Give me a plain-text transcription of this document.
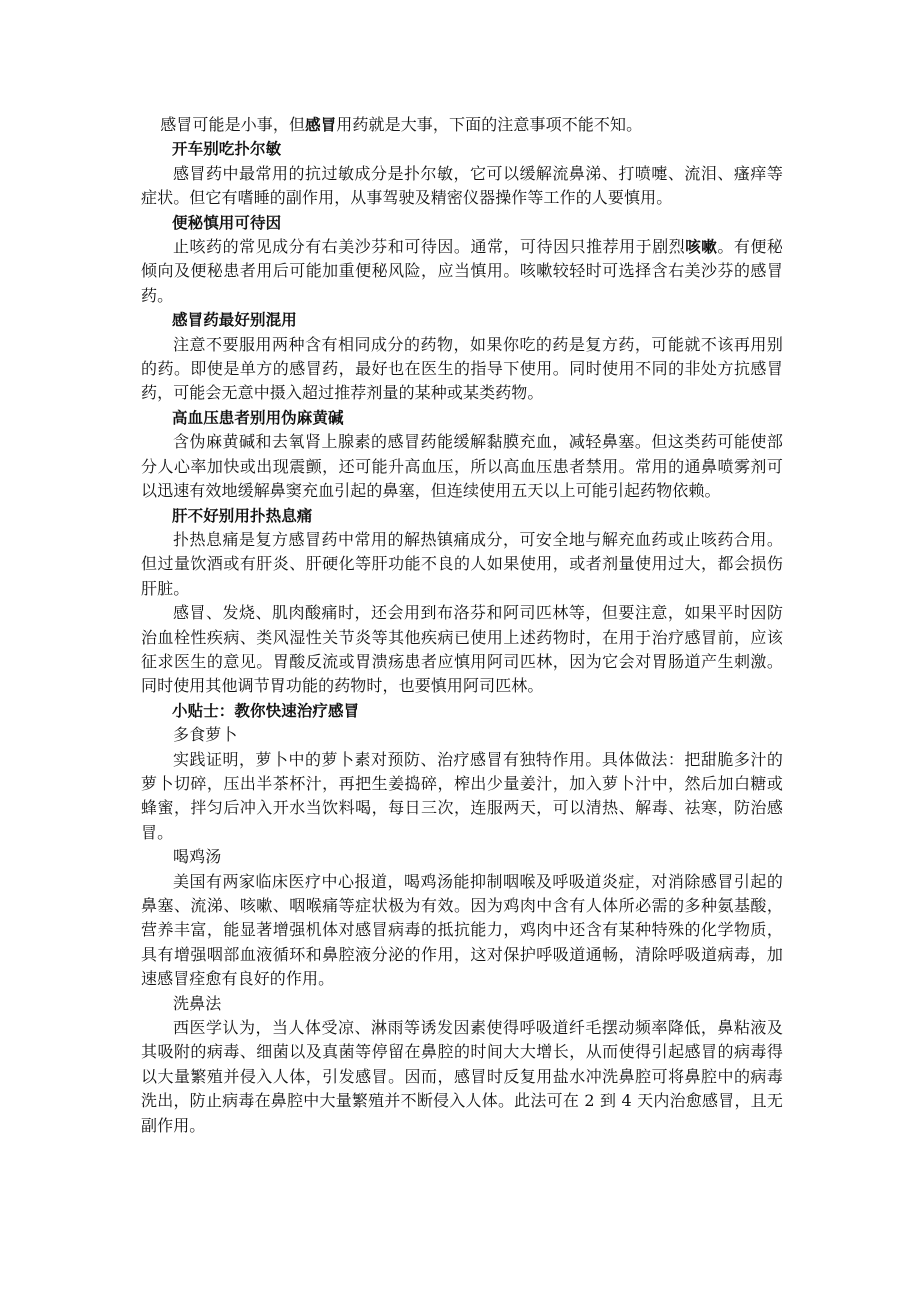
感冒可能是小事，但感冒用药就是大事，下面的注意事项不能不知。

开车别吃扑尔敏

感冒药中最常用的抗过敏成分是扑尔敏，它可以缓解流鼻涕、打喷嚏、流泪、瘙痒等症状。但它有嗜睡的副作用，从事驾驶及精密仪器操作等工作的人要慎用。

便秘慎用可待因

止咳药的常见成分有右美沙芬和可待因。通常，可待因只推荐用于剧烈咳嗽。有便秘倾向及便秘患者用后可能加重便秘风险，应当慎用。咳嗽较轻时可选择含右美沙芬的感冒药。

感冒药最好别混用

注意不要服用两种含有相同成分的药物，如果你吃的药是复方药，可能就不该再用别的药。即使是单方的感冒药，最好也在医生的指导下使用。同时使用不同的非处方抗感冒药，可能会无意中摄入超过推荐剂量的某种或某类药物。

高血压患者别用伪麻黄碱

含伪麻黄碱和去氧肾上腺素的感冒药能缓解黏膜充血，减轻鼻塞。但这类药可能使部分人心率加快或出现震颤，还可能升高血压，所以高血压患者禁用。常用的通鼻喷雾剂可以迅速有效地缓解鼻窦充血引起的鼻塞，但连续使用五天以上可能引起药物依赖。

肝不好别用扑热息痛

扑热息痛是复方感冒药中常用的解热镇痛成分，可安全地与解充血药或止咳药合用。但过量饮酒或有肝炎、肝硬化等肝功能不良的人如果使用，或者剂量使用过大，都会损伤肝脏。

感冒、发烧、肌肉酸痛时，还会用到布洛芬和阿司匹林等，但要注意，如果平时因防治血栓性疾病、类风湿性关节炎等其他疾病已使用上述药物时，在用于治疗感冒前，应该征求医生的意见。胃酸反流或胃溃疡患者应慎用阿司匹林，因为它会对胃肠道产生刺激。同时使用其他调节胃功能的药物时，也要慎用阿司匹林。

小贴士：教你快速治疗感冒

多食萝卜

实践证明，萝卜中的萝卜素对预防、治疗感冒有独特作用。具体做法：把甜脆多汁的萝卜切碎，压出半茶杯汁，再把生姜捣碎，榨出少量姜汁，加入萝卜汁中，然后加白糖或蜂蜜，拌匀后冲入开水当饮料喝，每日三次，连服两天，可以清热、解毒、祛寒，防治感冒。

喝鸡汤

美国有两家临床医疗中心报道，喝鸡汤能抑制咽喉及呼吸道炎症，对消除感冒引起的鼻塞、流涕、咳嗽、咽喉痛等症状极为有效。因为鸡肉中含有人体所必需的多种氨基酸，营养丰富，能显著增强机体对感冒病毒的抵抗能力，鸡肉中还含有某种特殊的化学物质，具有增强咽部血液循环和鼻腔液分泌的作用，这对保护呼吸道通畅，清除呼吸道病毒，加速感冒痊愈有良好的作用。

洗鼻法

西医学认为，当人体受凉、淋雨等诱发因素使得呼吸道纤毛摆动频率降低，鼻粘液及其吸附的病毒、细菌以及真菌等停留在鼻腔的时间大大增长，从而使得引起感冒的病毒得以大量繁殖并侵入人体，引发感冒。因而，感冒时反复用盐水冲洗鼻腔可将鼻腔中的病毒洗出，防止病毒在鼻腔中大量繁殖并不断侵入人体。此法可在 2 到 4 天内治愈感冒，且无副作用。
